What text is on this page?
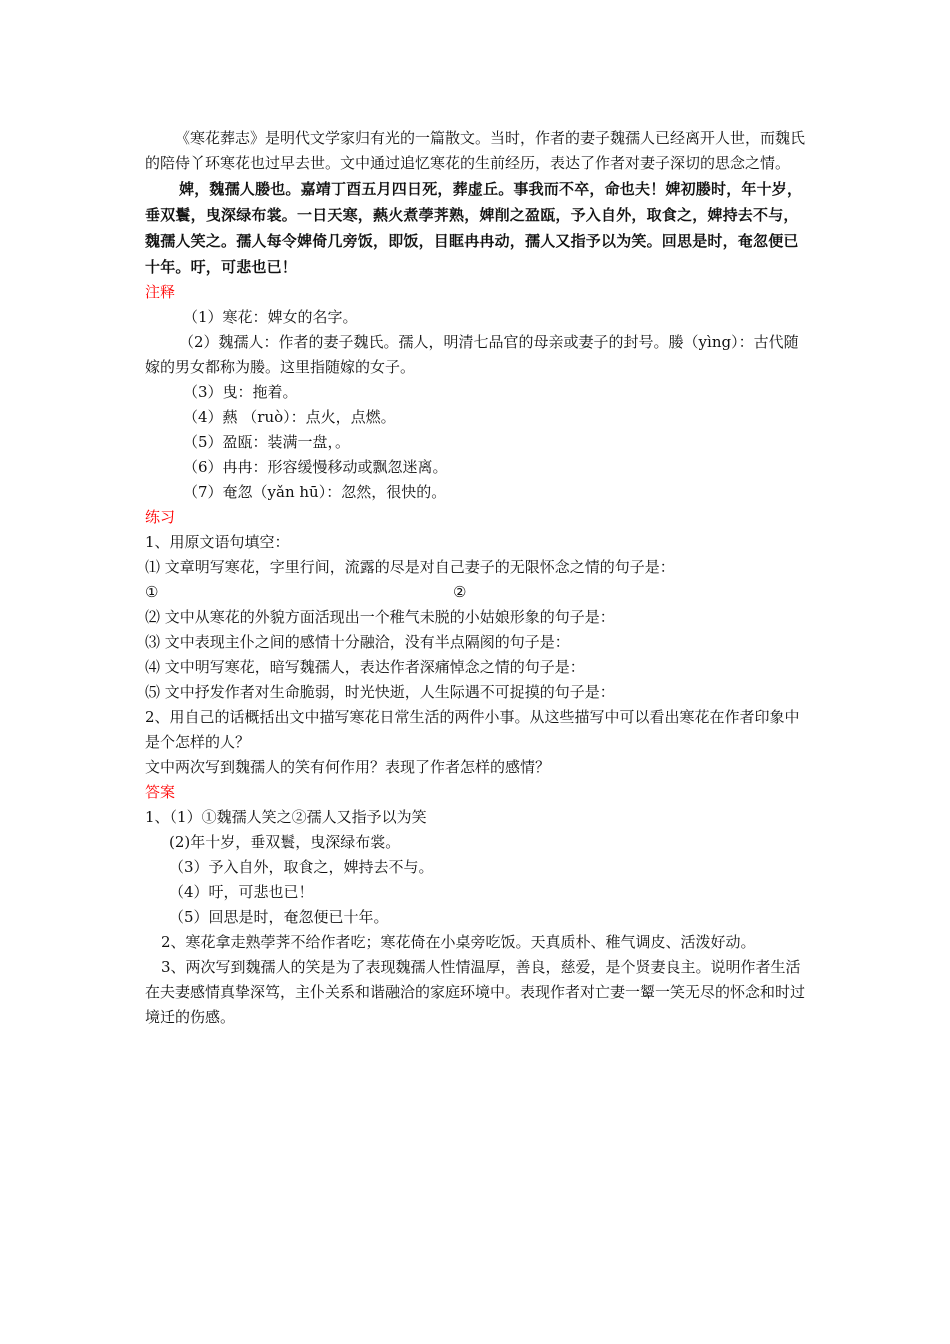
《寒花葬志》是明代文学家归有光的一篇散文。当时，作者的妻子魏孺人已经离开人世，而魏氏的陪侍丫环寒花也过早去世。文中通过追忆寒花的生前经历，表达了作者对妻子深切的思念之情。

婢，魏孺人媵也。嘉靖丁酉五月四日死，葬虚丘。事我而不卒，命也夫！婢初媵时，年十岁，垂双鬟，曳深绿布裳。一日天寒，爇火煮荸荠熟，婢削之盈瓯，予入自外，取食之，婢持去不与，魏孺人笑之。孺人每令婢倚几旁饭，即饭，目眶冉冉动，孺人又指予以为笑。回思是时，奄忽便已十年。吁，可悲也已！

注释

（1）寒花：婢女的名字。

（2）魏孺人：作者的妻子魏氏。孺人，明清七品官的母亲或妻子的封号。媵（yìng）：古代随嫁的男女都称为媵。这里指随嫁的女子。

（3）曳：拖着。

（4）爇 （ruò）：点火，点燃。

（5）盈瓯：装满一盘，。

（6）冉冉：形容缓慢移动或飘忽迷离。

（7）奄忽（yǎn hū）：忽然，很快的。

练习

1、用原文语句填空：

⑴ 文章明写寒花，字里行间，流露的尽是对自己妻子的无限怀念之情的句子是：

①	②

⑵ 文中从寒花的外貌方面活现出一个稚气未脱的小姑娘形象的句子是：

⑶ 文中表现主仆之间的感情十分融洽，没有半点隔阂的句子是：

⑷ 文中明写寒花，暗写魏孺人，表达作者深痛悼念之情的句子是：

⑸ 文中抒发作者对生命脆弱，时光快逝，人生际遇不可捉摸的句子是：

2、用自己的话概括出文中描写寒花日常生活的两件小事。从这些描写中可以看出寒花在作者印象中是个怎样的人？

文中两次写到魏孺人的笑有何作用？表现了作者怎样的感情？

答案

1、（1）①魏孺人笑之②孺人又指予以为笑

(2)年十岁，垂双鬟，曳深绿布裳。

（3）予入自外，取食之，婢持去不与。

（4）吁，可悲也已！

（5）回思是时，奄忽便已十年。

2、寒花拿走熟荸荠不给作者吃；寒花倚在小桌旁吃饭。天真质朴、稚气调皮、活泼好动。

3、两次写到魏孺人的笑是为了表现魏孺人性情温厚，善良，慈爱，是个贤妻良主。说明作者生活在夫妻感情真挚深笃，主仆关系和谐融洽的家庭环境中。表现作者对亡妻一颦一笑无尽的怀念和时过境迁的伤感。
